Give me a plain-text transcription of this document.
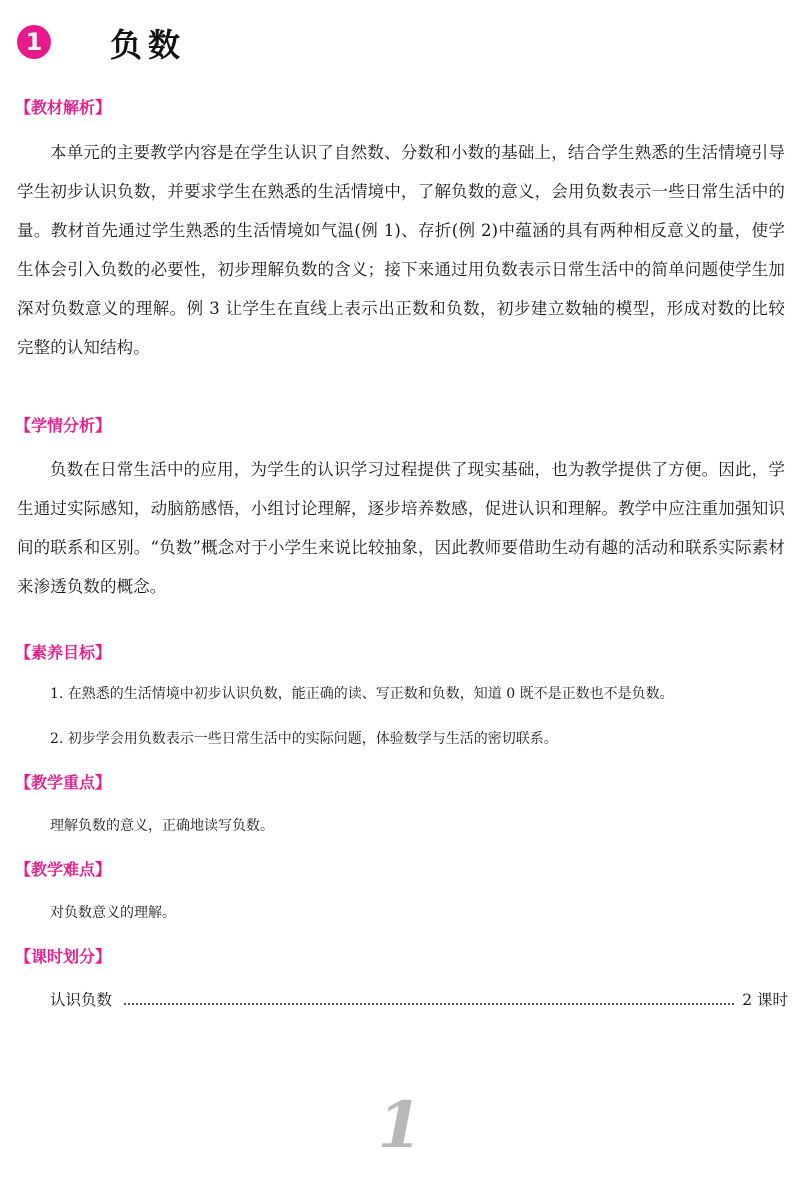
1 负数
【教材解析】

本单元的主要教学内容是在学生认识了自然数、分数和小数的基础上，结合学生熟悉的生活情境引导学生初步认识负数，并要求学生在熟悉的生活情境中，了解负数的意义，会用负数表示一些日常生活中的量。教材首先通过学生熟悉的生活情境如气温(例 1)、存折(例 2)中蕴涵的具有两种相反意义的量，使学生体会引入负数的必要性，初步理解负数的含义；接下来通过用负数表示日常生活中的简单问题使学生加深对负数意义的理解。例 3 让学生在直线上表示出正数和负数，初步建立数轴的模型，形成对数的比较完整的认知结构。

【学情分析】

负数在日常生活中的应用，为学生的认识学习过程提供了现实基础，也为教学提供了方便。因此，学生通过实际感知，动脑筋感悟，小组讨论理解，逐步培养数感，促进认识和理解。教学中应注重加强知识间的联系和区别。“负数”概念对于小学生来说比较抽象，因此教师要借助生动有趣的活动和联系实际素材来渗透负数的概念。

【素养目标】

1. 在熟悉的生活情境中初步认识负数，能正确的读、写正数和负数，知道 0 既不是正数也不是负数。

2. 初步学会用负数表示一些日常生活中的实际问题，体验数学与生活的密切联系。

【教学重点】

理解负数的意义，正确地读写负数。

【教学难点】

对负数意义的理解。

【课时划分】
认识负数	2 课时
1
